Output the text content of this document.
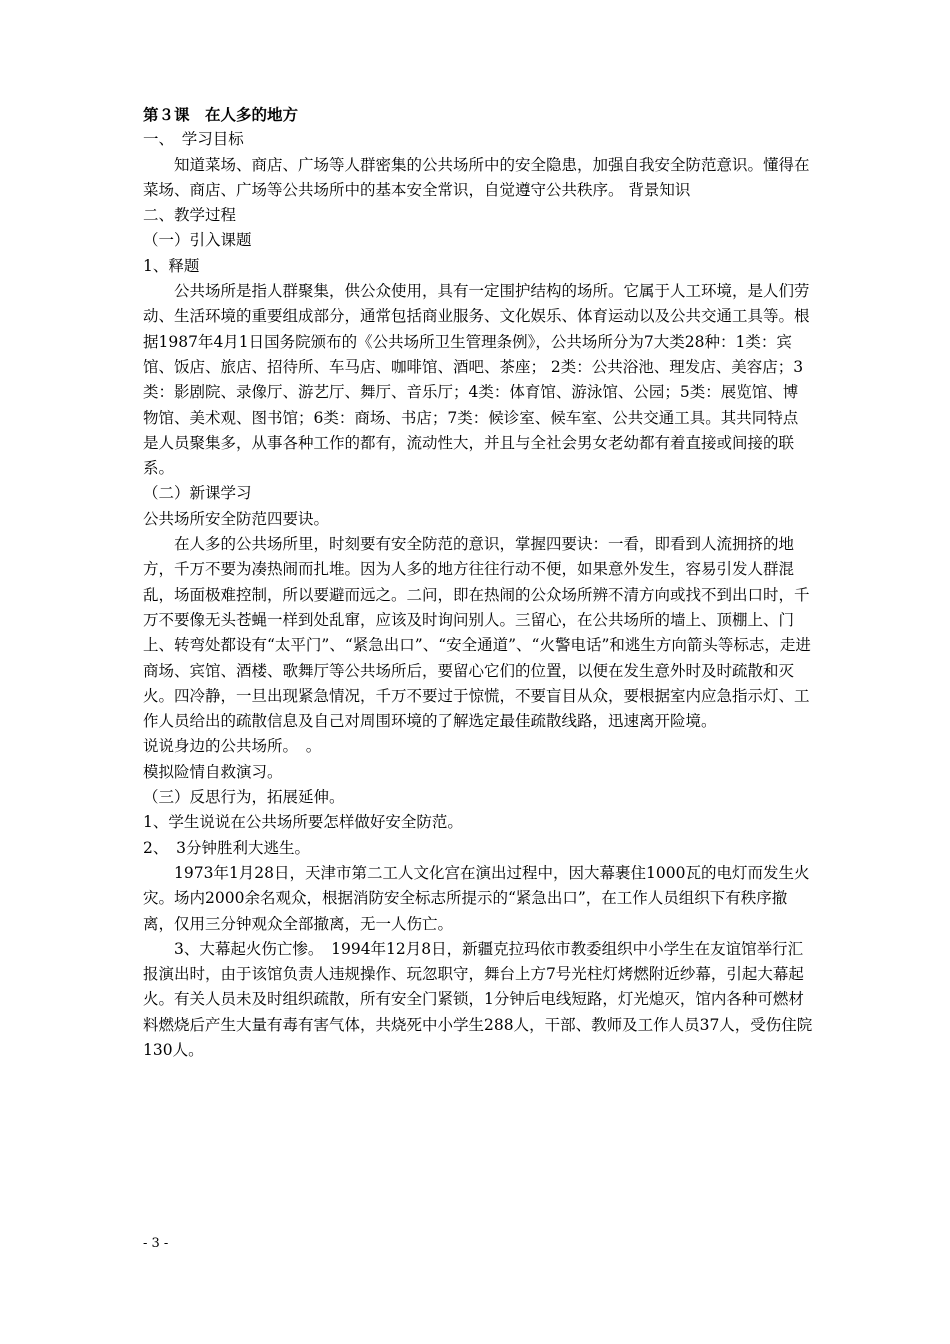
第３课　在人多的地方

一、　学习目标

知道菜场、商店、广场等人群密集的公共场所中的安全隐患，加强自我安全防范意识。懂得在菜场、商店、广场等公共场所中的基本安全常识，自觉遵守公共秩序。 背景知识

二、教学过程

（一）引入课题

1、释题

公共场所是指人群聚集，供公众使用，具有一定围护结构的场所。它属于人工环境，是人们劳动、生活环境的重要组成部分，通常包括商业服务、文化娱乐、体育运动以及公共交通工具等。根据1987年4月1日国务院颁布的《公共场所卫生管理条例》，公共场所分为7大类28种：1类：宾馆、饭店、旅店、招待所、车马店、咖啡馆、酒吧、茶座； 2类：公共浴池、理发店、美容店；3类：影剧院、录像厅、游艺厅、舞厅、音乐厅；4类：体育馆、游泳馆、公园；5类：展览馆、博物馆、美术观、图书馆；6类：商场、书店；7类：候诊室、候车室、公共交通工具。其共同特点是人员聚集多，从事各种工作的都有，流动性大，并且与全社会男女老幼都有着直接或间接的联系。

（二）新课学习

公共场所安全防范四要诀。

在人多的公共场所里，时刻要有安全防范的意识，掌握四要诀：一看，即看到人流拥挤的地方，千万不要为凑热闹而扎堆。因为人多的地方往往行动不便，如果意外发生，容易引发人群混乱，场面极难控制，所以要避而远之。二问，即在热闹的公众场所辨不清方向或找不到出口时，千万不要像无头苍蝇一样到处乱窜，应该及时询问别人。三留心，在公共场所的墙上、顶棚上、门上、转弯处都设有“太平门”、“紧急出口”、“安全通道”、“火警电话”和逃生方向箭头等标志，走进商场、宾馆、酒楼、歌舞厅等公共场所后，要留心它们的位置，以便在发生意外时及时疏散和灭火。四冷静，一旦出现紧急情况，千万不要过于惊慌，不要盲目从众，要根据室内应急指示灯、工作人员给出的疏散信息及自己对周围环境的了解选定最佳疏散线路，迅速离开险境。

说说身边的公共场所。　。

模拟险情自救演习。

（三）反思行为，拓展延伸。

1、学生说说在公共场所要怎样做好安全防范。

2、　3分钟胜利大逃生。

1973年1月28日，天津市第二工人文化宫在演出过程中，因大幕裹住1000瓦的电灯而发生火灾。场内2000余名观众，根据消防安全标志所提示的“紧急出口”，在工作人员组织下有秩序撤离，仅用三分钟观众全部撤离，无一人伤亡。

3、大幕起火伤亡惨。　1994年12月8日，新疆克拉玛依市教委组织中小学生在友谊馆举行汇报演出时，由于该馆负责人违规操作、玩忽职守，舞台上方7号光柱灯烤燃附近纱幕，引起大幕起火。有关人员未及时组织疏散，所有安全门紧锁，1分钟后电线短路，灯光熄灭，馆内各种可燃材料燃烧后产生大量有毒有害气体，共烧死中小学生288人，干部、教师及工作人员37人，受伤住院130人。

- 3 -
